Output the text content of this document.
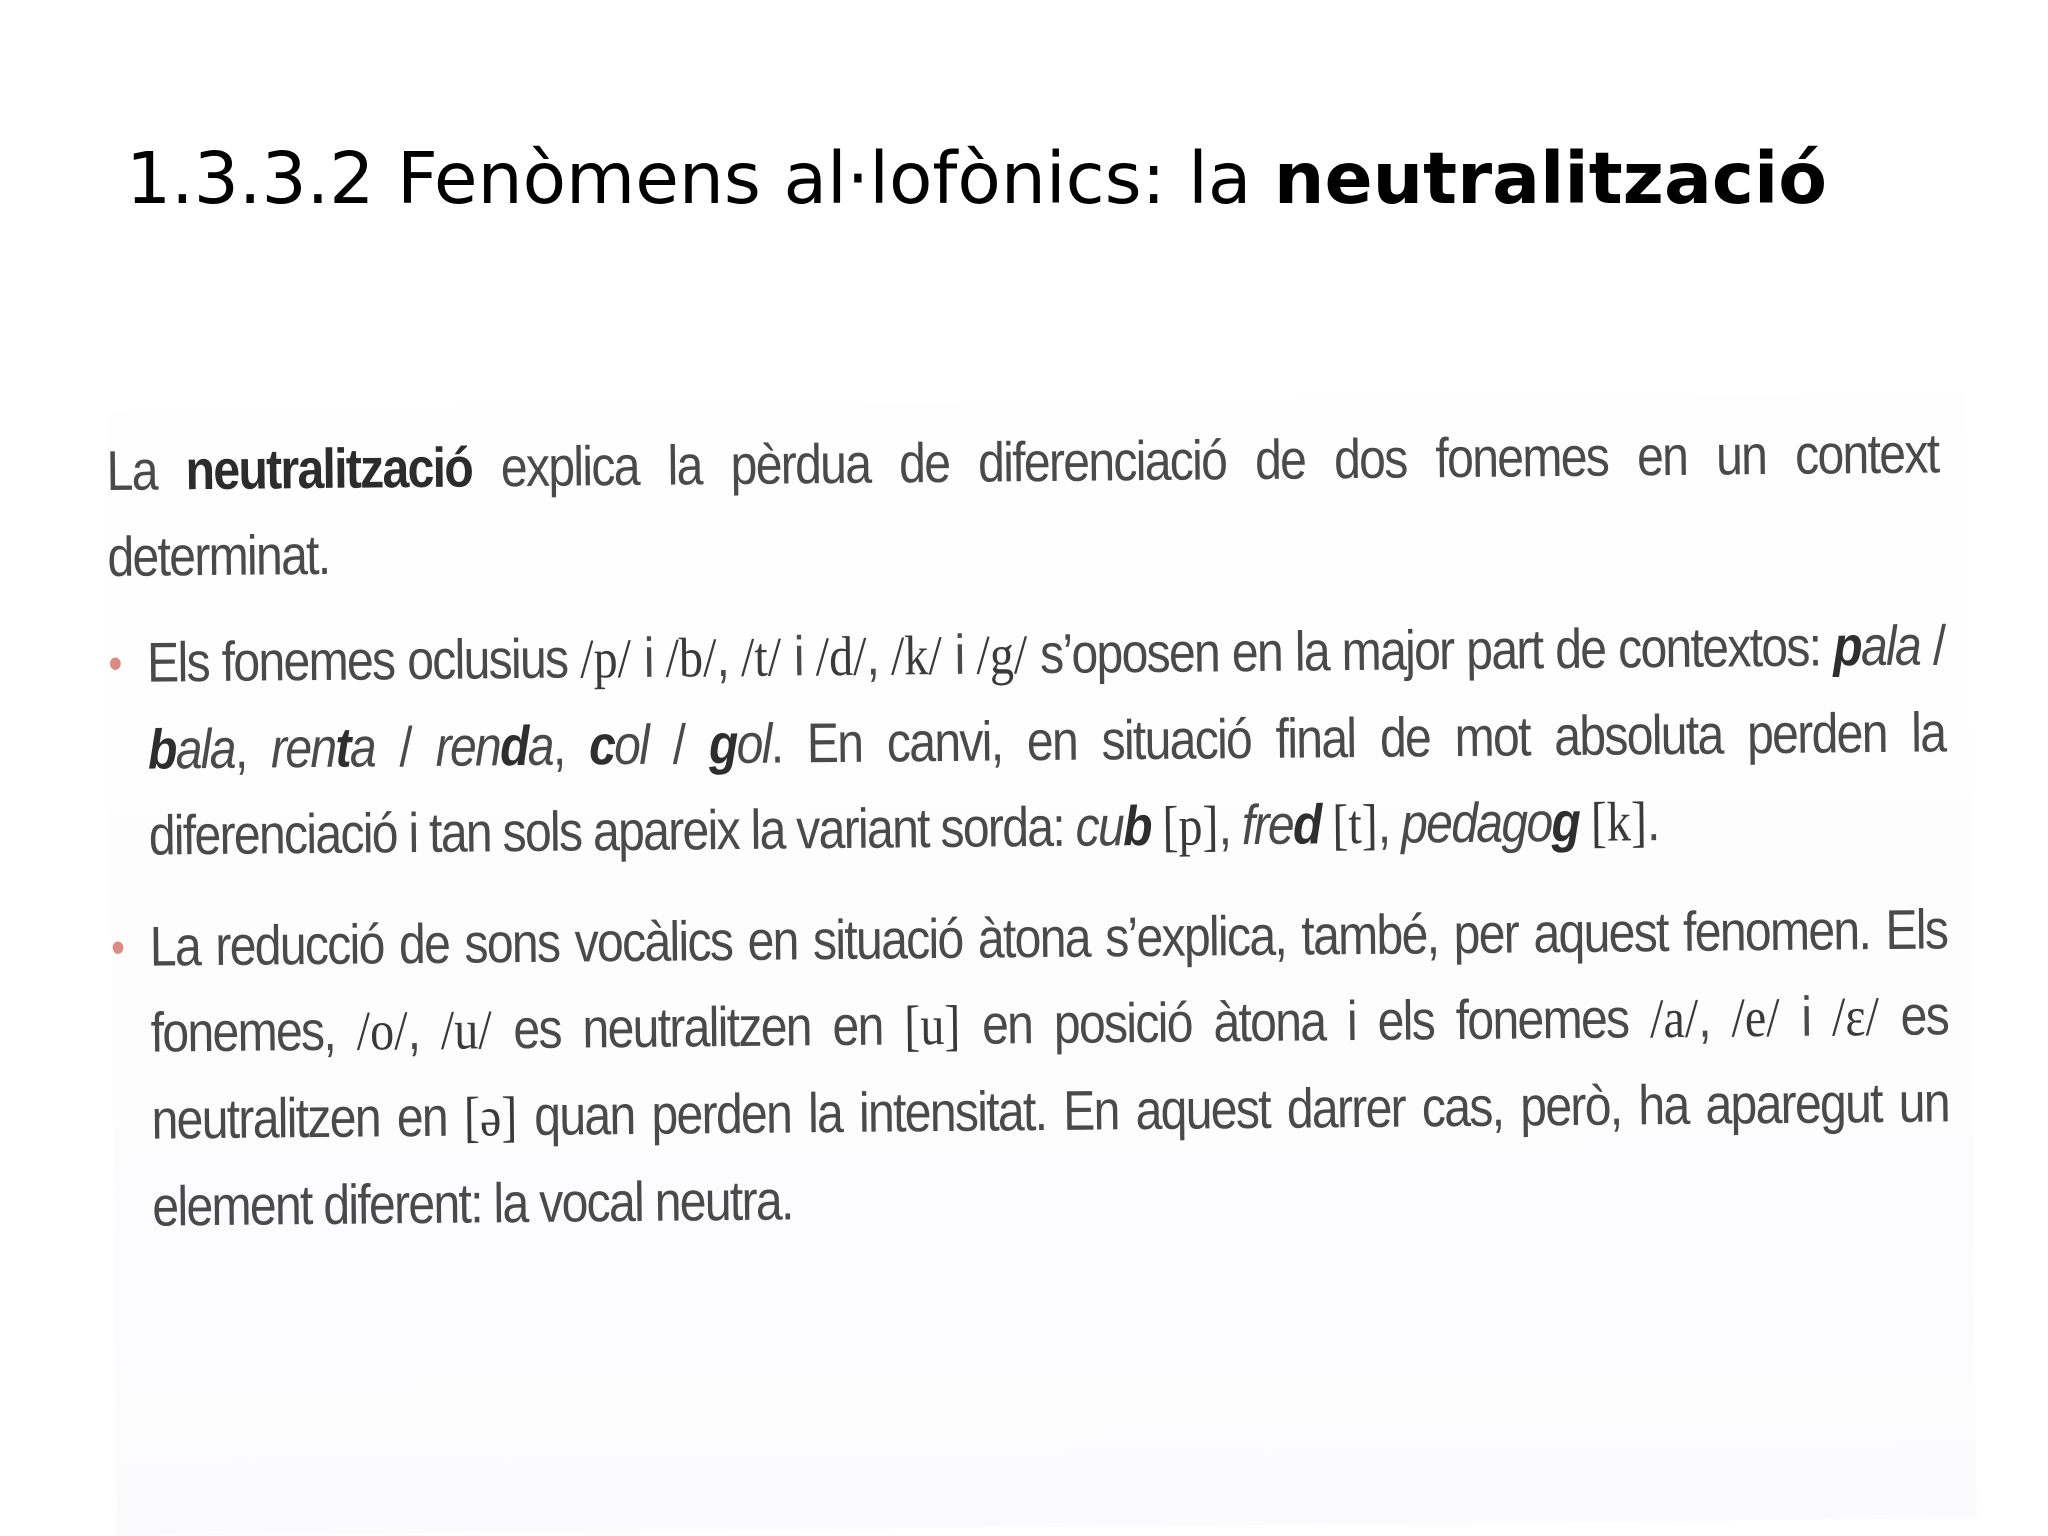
1.3.3.2 Fenòmens al·lofònics: la neutralització

La neutralització explica la pèrdua de diferenciació de dos fonemes en un context determinat.

• Els fonemes oclusius /p/ i /b/, /t/ i /d/, /k/ i /g/ s’oposen en la major part de contextos: pala / bala, renta / renda, col / gol. En canvi, en situació final de mot absoluta perden la diferenciació i tan sols apareix la variant sorda: cub [p], fred [t], pedagog [k].

• La reducció de sons vocàlics en situació àtona s’explica, també, per aquest fenomen. Els fonemes, /o/, /u/ es neutralitzen en [u] en posició àtona i els fonemes /a/, /e/ i /ɛ/ es neutralitzen en [ə] quan perden la intensitat. En aquest darrer cas, però, ha aparegut un element diferent: la vocal neutra.
